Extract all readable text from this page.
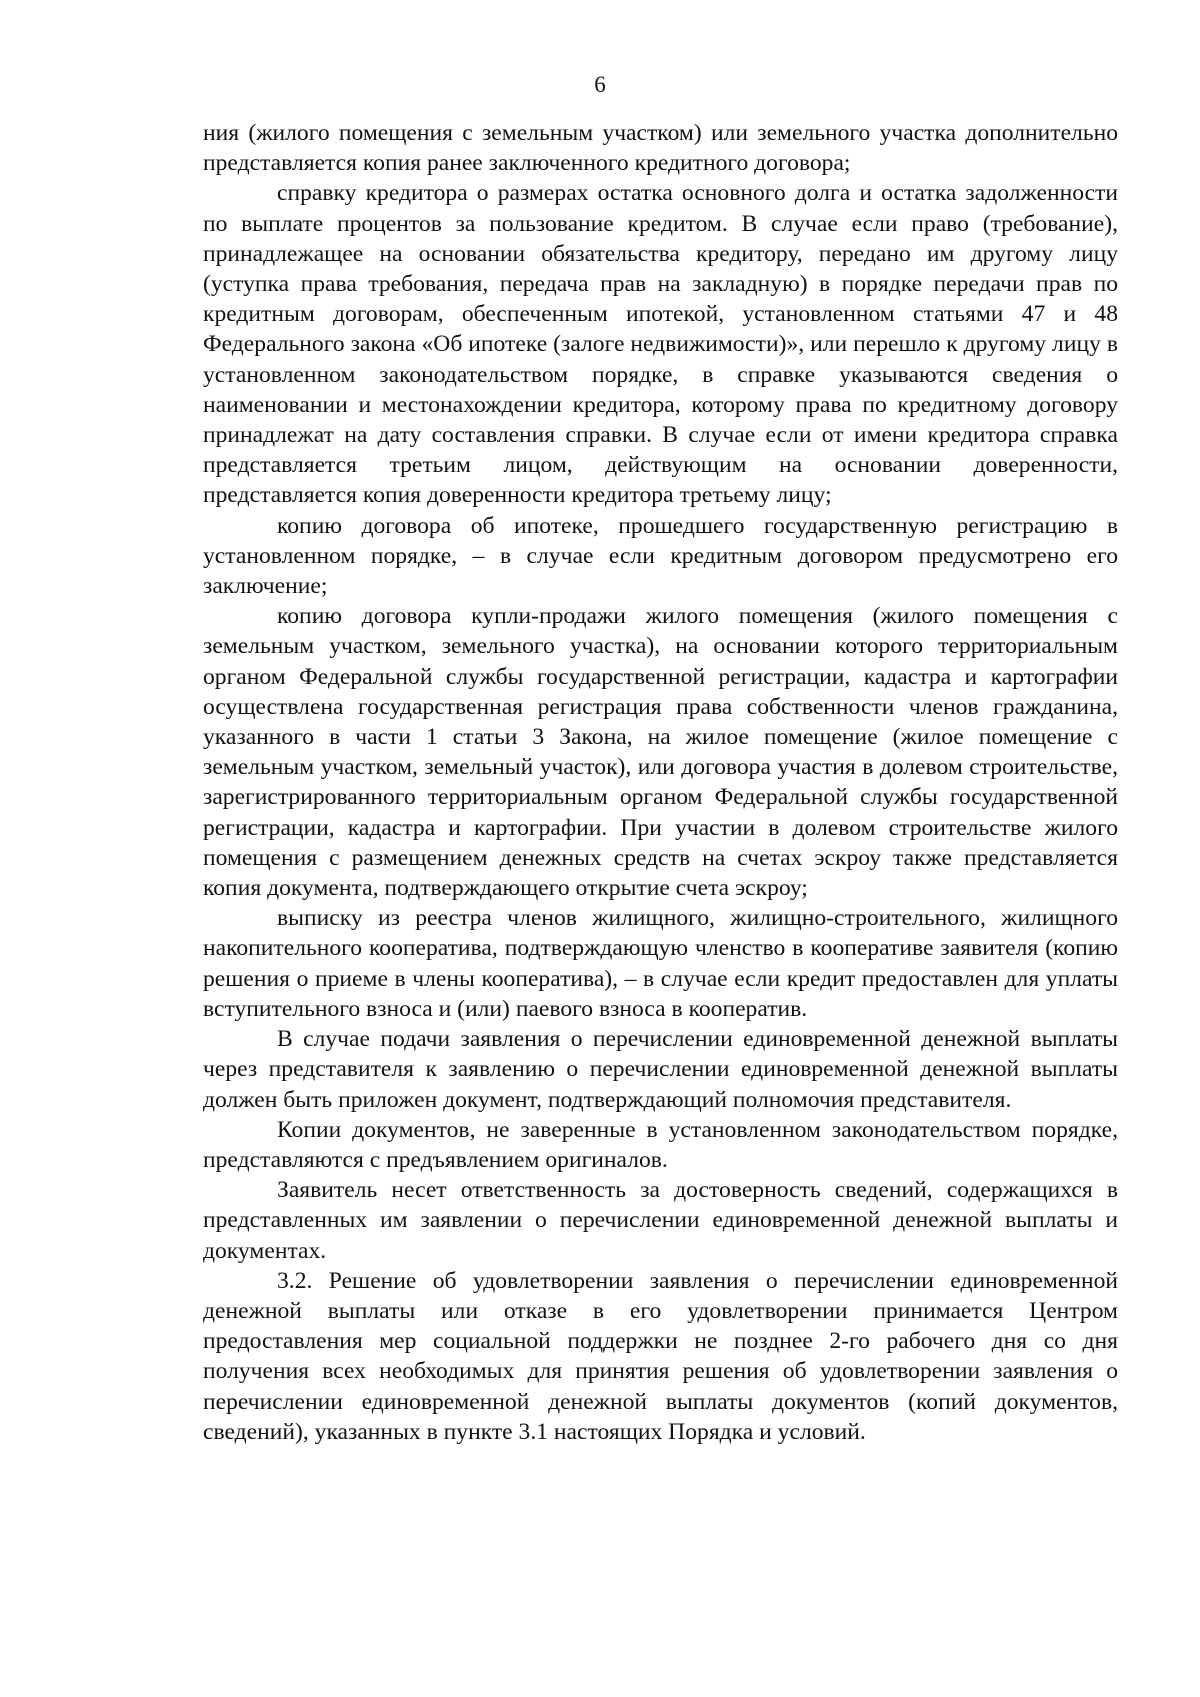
6

ния (жилого помещения с земельным участком) или земельного участка дополнительно представляется копия ранее заключенного кредитного договора;

справку кредитора о размерах остатка основного долга и остатка задолженности по выплате процентов за пользование кредитом. В случае если право (требование), принадлежащее на основании обязательства кредитору, передано им другому лицу (уступка права требования, передача прав на закладную) в порядке передачи прав по кредитным договорам, обеспеченным ипотекой, установленном статьями 47 и 48 Федерального закона «Об ипотеке (залоге недвижимости)», или перешло к другому лицу в установленном законодательством порядке, в справке указываются сведения о наименовании и местонахождении кредитора, которому права по кредитному договору принадлежат на дату составления справки. В случае если от имени кредитора справка представляется третьим лицом, действующим на основании доверенности, представляется копия доверенности кредитора третьему лицу;

копию договора об ипотеке, прошедшего государственную регистрацию в установленном порядке, – в случае если кредитным договором предусмотрено его заключение;

копию договора купли-продажи жилого помещения (жилого помещения с земельным участком, земельного участка), на основании которого территориальным органом Федеральной службы государственной регистрации, кадастра и картографии осуществлена государственная регистрация права собственности членов гражданина, указанного в части 1 статьи 3 Закона, на жилое помещение (жилое помещение с земельным участком, земельный участок), или договора участия в долевом строительстве, зарегистрированного территориальным органом Федеральной службы государственной регистрации, кадастра и картографии. При участии в долевом строительстве жилого помещения с размещением денежных средств на счетах эскроу также представляется копия документа, подтверждающего открытие счета эскроу;

выписку из реестра членов жилищного, жилищно-строительного, жилищного накопительного кооператива, подтверждающую членство в кооперативе заявителя (копию решения о приеме в члены кооператива), – в случае если кредит предоставлен для уплаты вступительного взноса и (или) паевого взноса в кооператив.

В случае подачи заявления о перечислении единовременной денежной выплаты через представителя к заявлению о перечислении единовременной денежной выплаты должен быть приложен документ, подтверждающий полномочия представителя.

Копии документов, не заверенные в установленном законодательством порядке, представляются с предъявлением оригиналов.

Заявитель несет ответственность за достоверность сведений, содержащихся в представленных им заявлении о перечислении единовременной денежной выплаты и документах.

3.2. Решение об удовлетворении заявления о перечислении единовременной денежной выплаты или отказе в его удовлетворении принимается Центром предоставления мер социальной поддержки не позднее 2-го рабочего дня со дня получения всех необходимых для принятия решения об удовлетворении заявления о перечислении единовременной денежной выплаты документов (копий документов, сведений), указанных в пункте 3.1 настоящих Порядка и условий.
